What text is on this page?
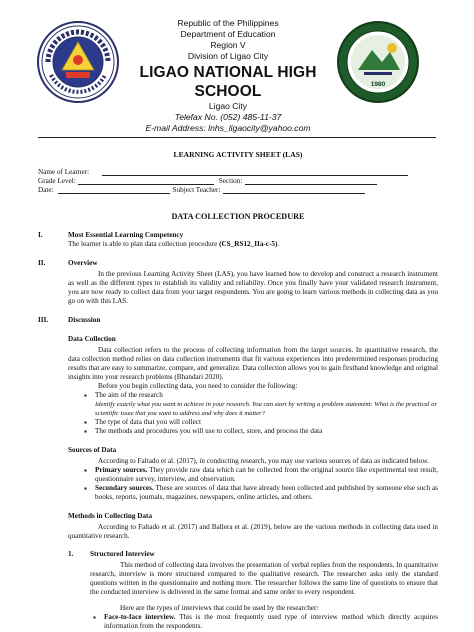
Republic of the Philippines

Department of Education

Region V

Division of Ligao City

LIGAO NATIONAL HIGH SCHOOL

Ligao City

Telefax No. (052) 485-11-37

E-mail Address: lnhs_ligaocity@yahoo.com

1980

LEARNING ACTIVITY SHEET (LAS)

Name of Learner:
Grade Level:	Section:
Date:	Subject Teacher:

DATA COLLECTION PROCEDURE

I.	Most Essential Learning Competency

The learner is able to plan data collection procedure (CS_RS12_IIa-c-5).

II.	Overview

In the previous Learning Activity Sheet (LAS), you have learned how to develop and construct a research instrument as well as the different types to establish its validity and reliability. Once you finally have your validated research instrument, you are now ready to collect data from your target respondents. You are going to learn various methods in collecting data as you go on with this LAS.

III.	Discussion

Data Collection

Data collection refers to the process of collecting information from the target sources. In quantitative research, the data collection method relies on data collection instruments that fit various experiences into predetermined responses producing results that are easy to summarize, compare, and generalize. Data collection allows you to gain firsthand knowledge and original insights into your research problems (Bhandari 2020).

Before you begin collecting data, you need to consider the following:

▪ The aim of the research
Identify exactly what you want to achieve in your research. You can start by writing a problem statement: What is the practical or scientific issue that you want to address and why does it matter?
▪ The type of data that you will collect
▪ The methods and procedures you will use to collect, store, and process the data

Sources of Data

According to Faltado et al. (2017), in conducting research, you may use various sources of data as indicated below.

▪ Primary sources. They provide raw data which can be collected from the original source like experimental test result, questionnaire survey, interview, and observation.
▪ Secondary sources. These are sources of data that have already been collected and published by someone else such as books, reports, journals, magazines, newspapers, online articles, and others.

Methods in Collecting Data

According to Faltado et al. (2017) and Ballera et al. (2019), below are the various methods in collecting data used in quantitative research.

1.	Structured Interview

This method of collecting data involves the presentation of verbal replies from the respondents. In quantitative research, interview is more structured compared to the qualitative research. The researcher asks only the standard questions written in the questionnaire and nothing more. The researcher follows the same line of questions to ensure that the conducted interview is delivered in the same format and same order to every respondent.

Here are the types of interviews that could be used by the researcher:

▪ Face-to-face interview. This is the most frequently used type of interview method which directly acquires information from the respondents.
